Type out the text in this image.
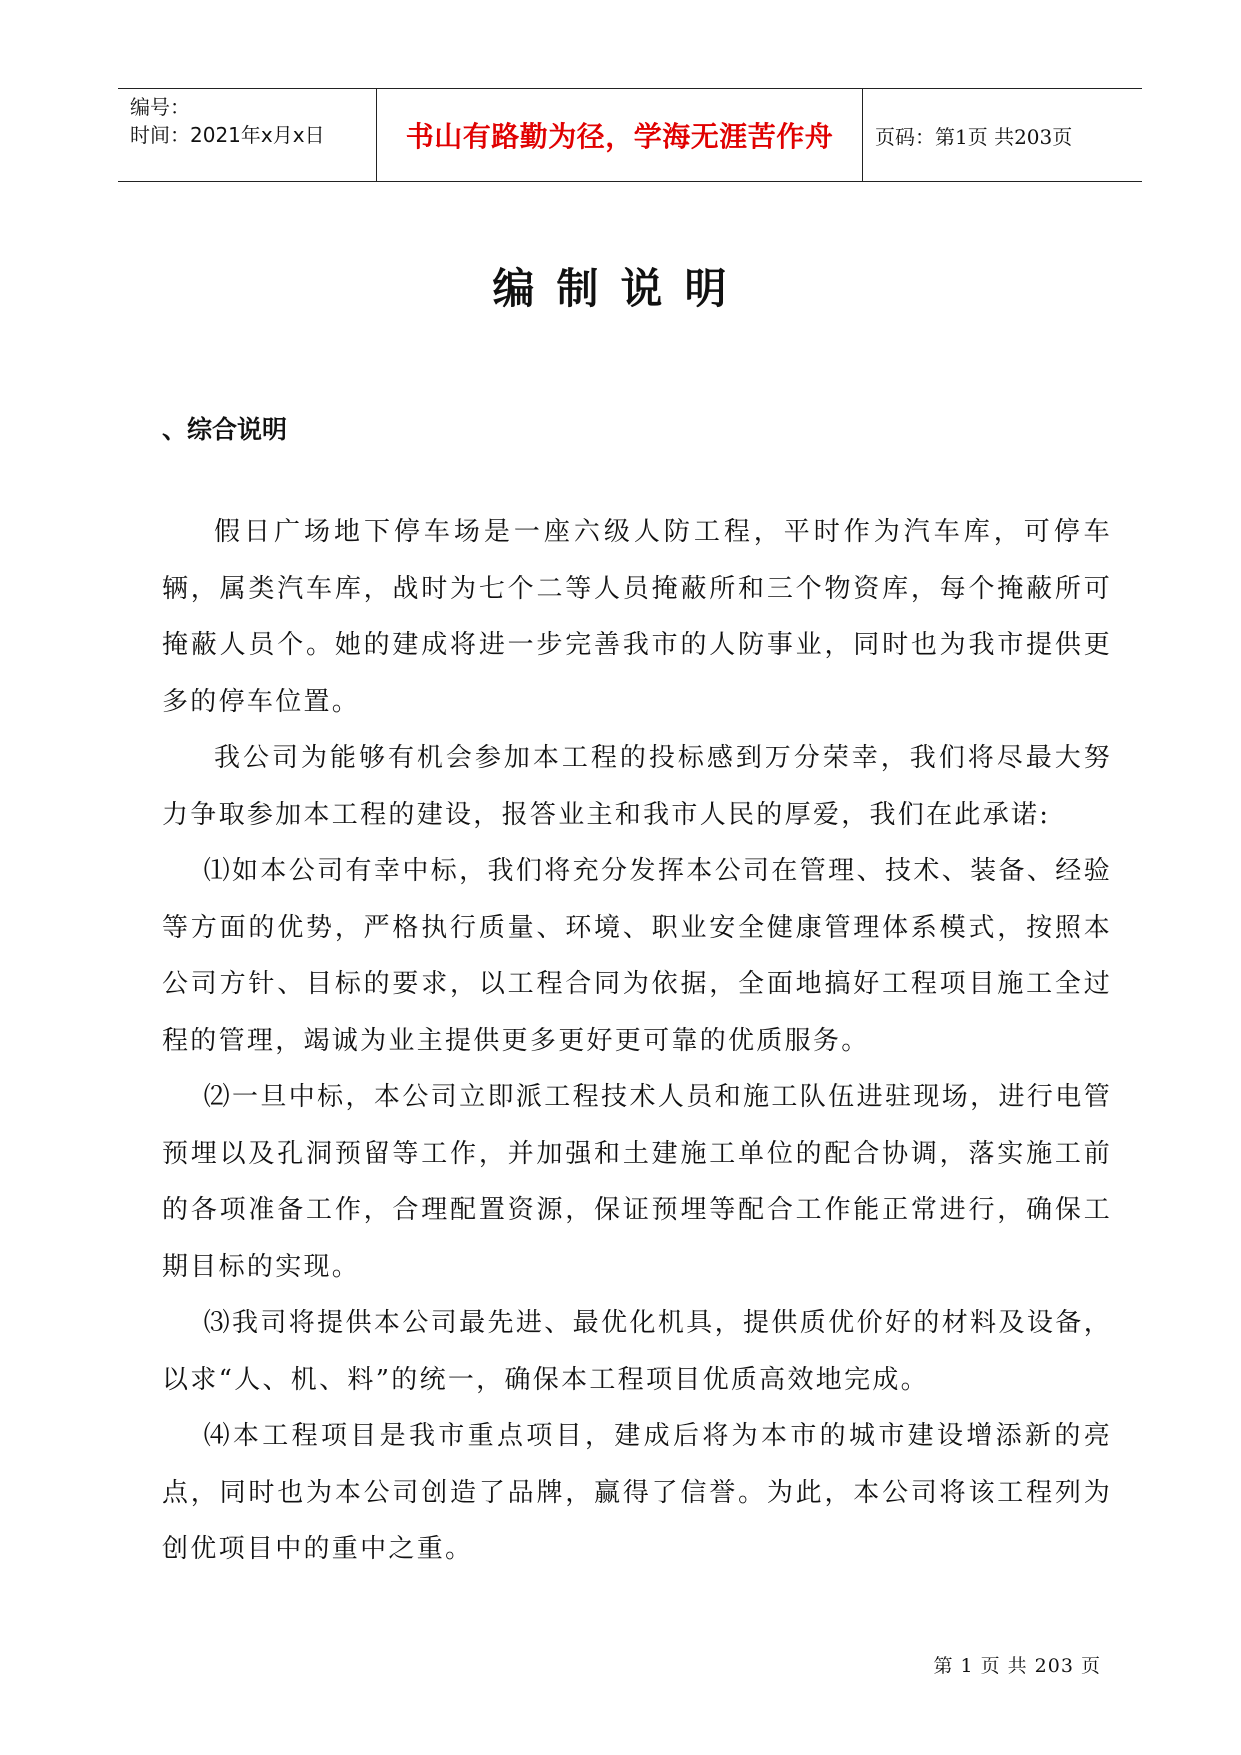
编号：
时间：2021年x月x日	书山有路勤为径，学海无涯苦作舟	页码：第1页 共203页
编制说明
、综合说明

假日广场地下停车场是一座六级人防工程，平时作为汽车库，可停车辆，属类汽车库，战时为七个二等人员掩蔽所和三个物资库，每个掩蔽所可掩蔽人员个。她的建成将进一步完善我市的人防事业，同时也为我市提供更多的停车位置。

我公司为能够有机会参加本工程的投标感到万分荣幸，我们将尽最大努力争取参加本工程的建设，报答业主和我市人民的厚爱，我们在此承诺:

⑴如本公司有幸中标，我们将充分发挥本公司在管理、技术、装备、经验等方面的优势，严格执行质量、环境、职业安全健康管理体系模式，按照本公司方针、目标的要求，以工程合同为依据，全面地搞好工程项目施工全过程的管理，竭诚为业主提供更多更好更可靠的优质服务。

⑵一旦中标，本公司立即派工程技术人员和施工队伍进驻现场，进行电管预埋以及孔洞预留等工作，并加强和土建施工单位的配合协调，落实施工前的各项准备工作，合理配置资源，保证预埋等配合工作能正常进行，确保工期目标的实现。

⑶我司将提供本公司最先进、最优化机具，提供质优价好的材料及设备，以求“人、机、料”的统一，确保本工程项目优质高效地完成。

⑷本工程项目是我市重点项目，建成后将为本市的城市建设增添新的亮点，同时也为本公司创造了品牌，赢得了信誉。为此，本公司将该工程列为创优项目中的重中之重。

第 1 页 共 203 页
